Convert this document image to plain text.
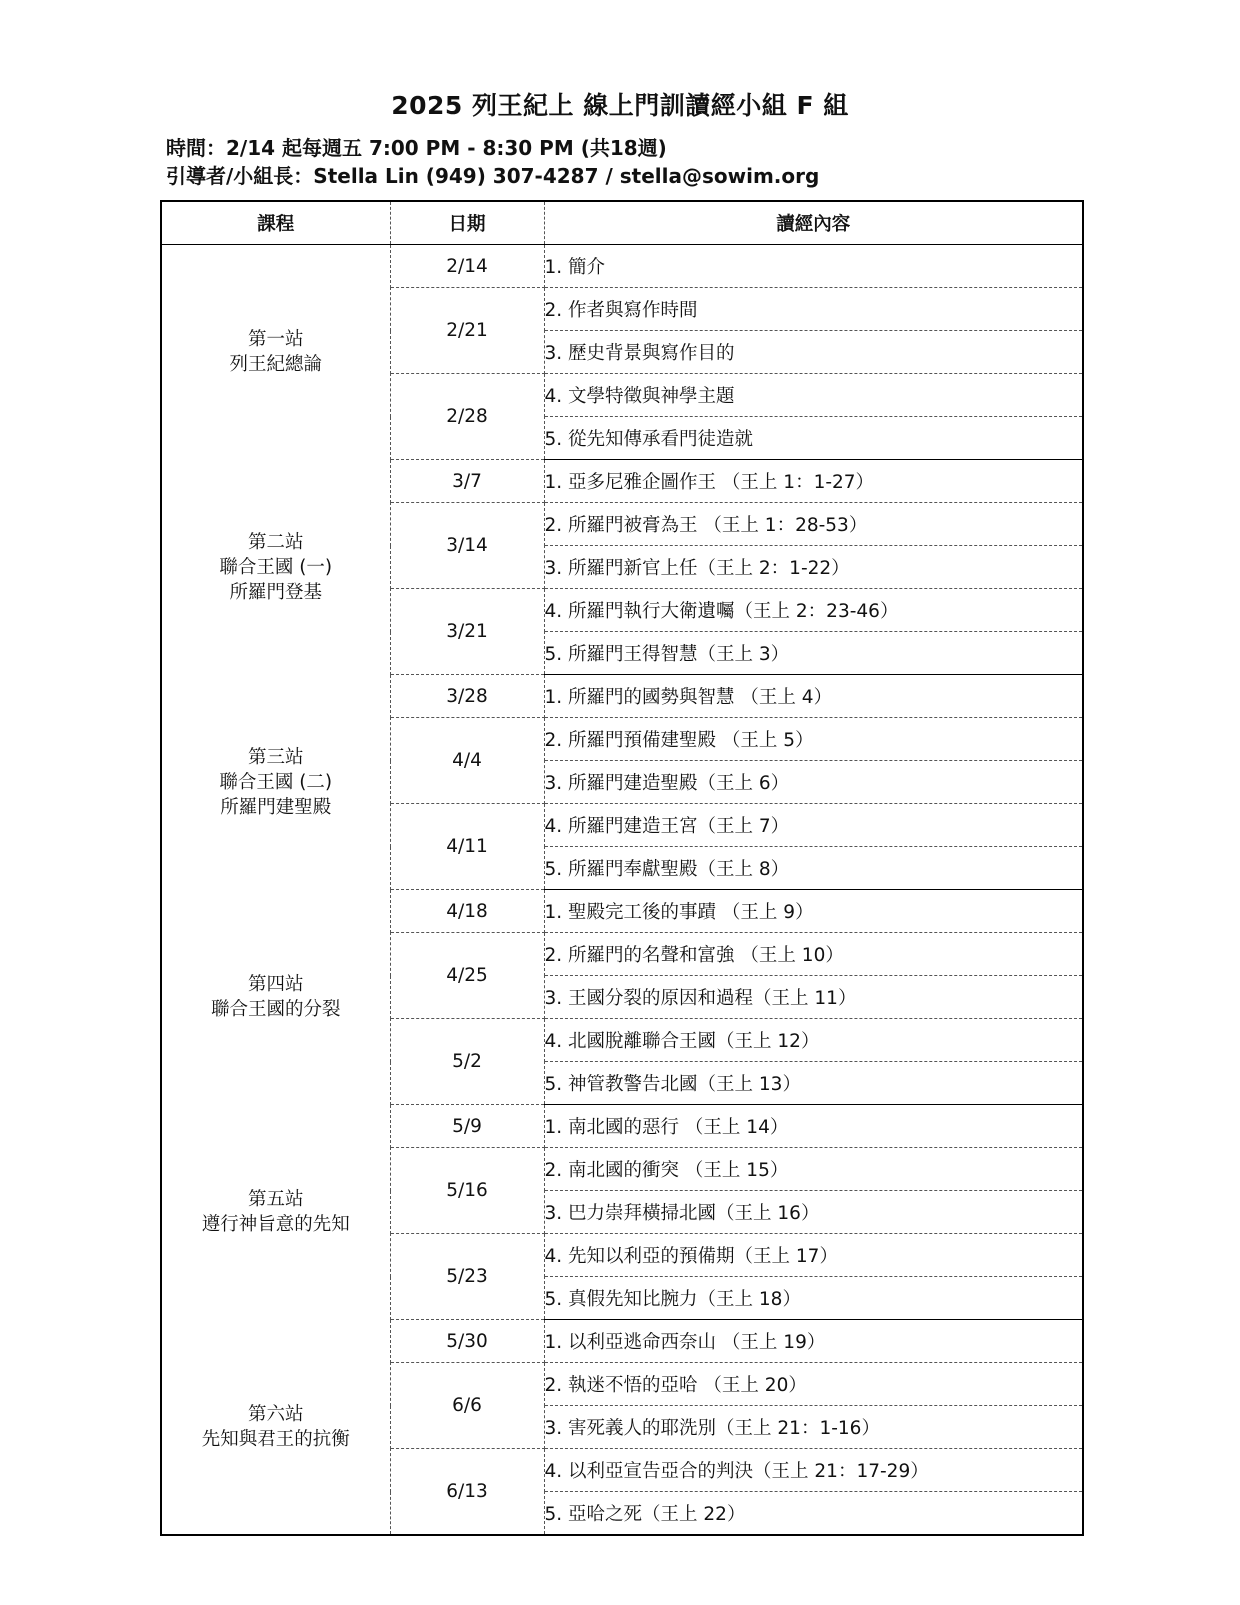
2025 列王紀上 線上門訓讀經小組 F 組

時間：2/14 起每週五 7:00 PM - 8:30 PM (共18週)

引導者/小組長：Stella Lin (949) 307-4287 / stella@sowim.org

課程	日期	讀經內容

第一站
列王紀總論	2/14	1. 簡介
	2/21	2. 作者與寫作時間
		3. 歷史背景與寫作目的
	2/28	4. 文學特徵與神學主題
		5. 從先知傳承看門徒造就

第二站
聯合王國 (一)
所羅門登基	3/7	1. 亞多尼雅企圖作王 （王上 1：1-27）
	3/14	2. 所羅門被膏為王 （王上 1：28-53）
		3. 所羅門新官上任（王上 2：1-22）
	3/21	4. 所羅門執行大衛遺囑（王上 2：23-46）
		5. 所羅門王得智慧（王上 3）

第三站
聯合王國 (二)
所羅門建聖殿	3/28	1. 所羅門的國勢與智慧 （王上 4）
	4/4	2. 所羅門預備建聖殿 （王上 5）
		3. 所羅門建造聖殿（王上 6）
	4/11	4. 所羅門建造王宮（王上 7）
		5. 所羅門奉獻聖殿（王上 8）

第四站
聯合王國的分裂	4/18	1. 聖殿完工後的事蹟 （王上 9）
	4/25	2. 所羅門的名聲和富強 （王上 10）
		3. 王國分裂的原因和過程（王上 11）
	5/2	4. 北國脫離聯合王國（王上 12）
		5. 神管教警告北國（王上 13）

第五站
遵行神旨意的先知	5/9	1. 南北國的惡行 （王上 14）
	5/16	2. 南北國的衝突 （王上 15）
		3. 巴力崇拜橫掃北國（王上 16）
	5/23	4. 先知以利亞的預備期（王上 17）
		5. 真假先知比腕力（王上 18）

第六站
先知與君王的抗衡	5/30	1. 以利亞逃命西奈山 （王上 19）
	6/6	2. 執迷不悟的亞哈 （王上 20）
		3. 害死義人的耶洗別（王上 21：1-16）
	6/13	4. 以利亞宣告亞合的判決（王上 21：17-29）
		5. 亞哈之死（王上 22）
